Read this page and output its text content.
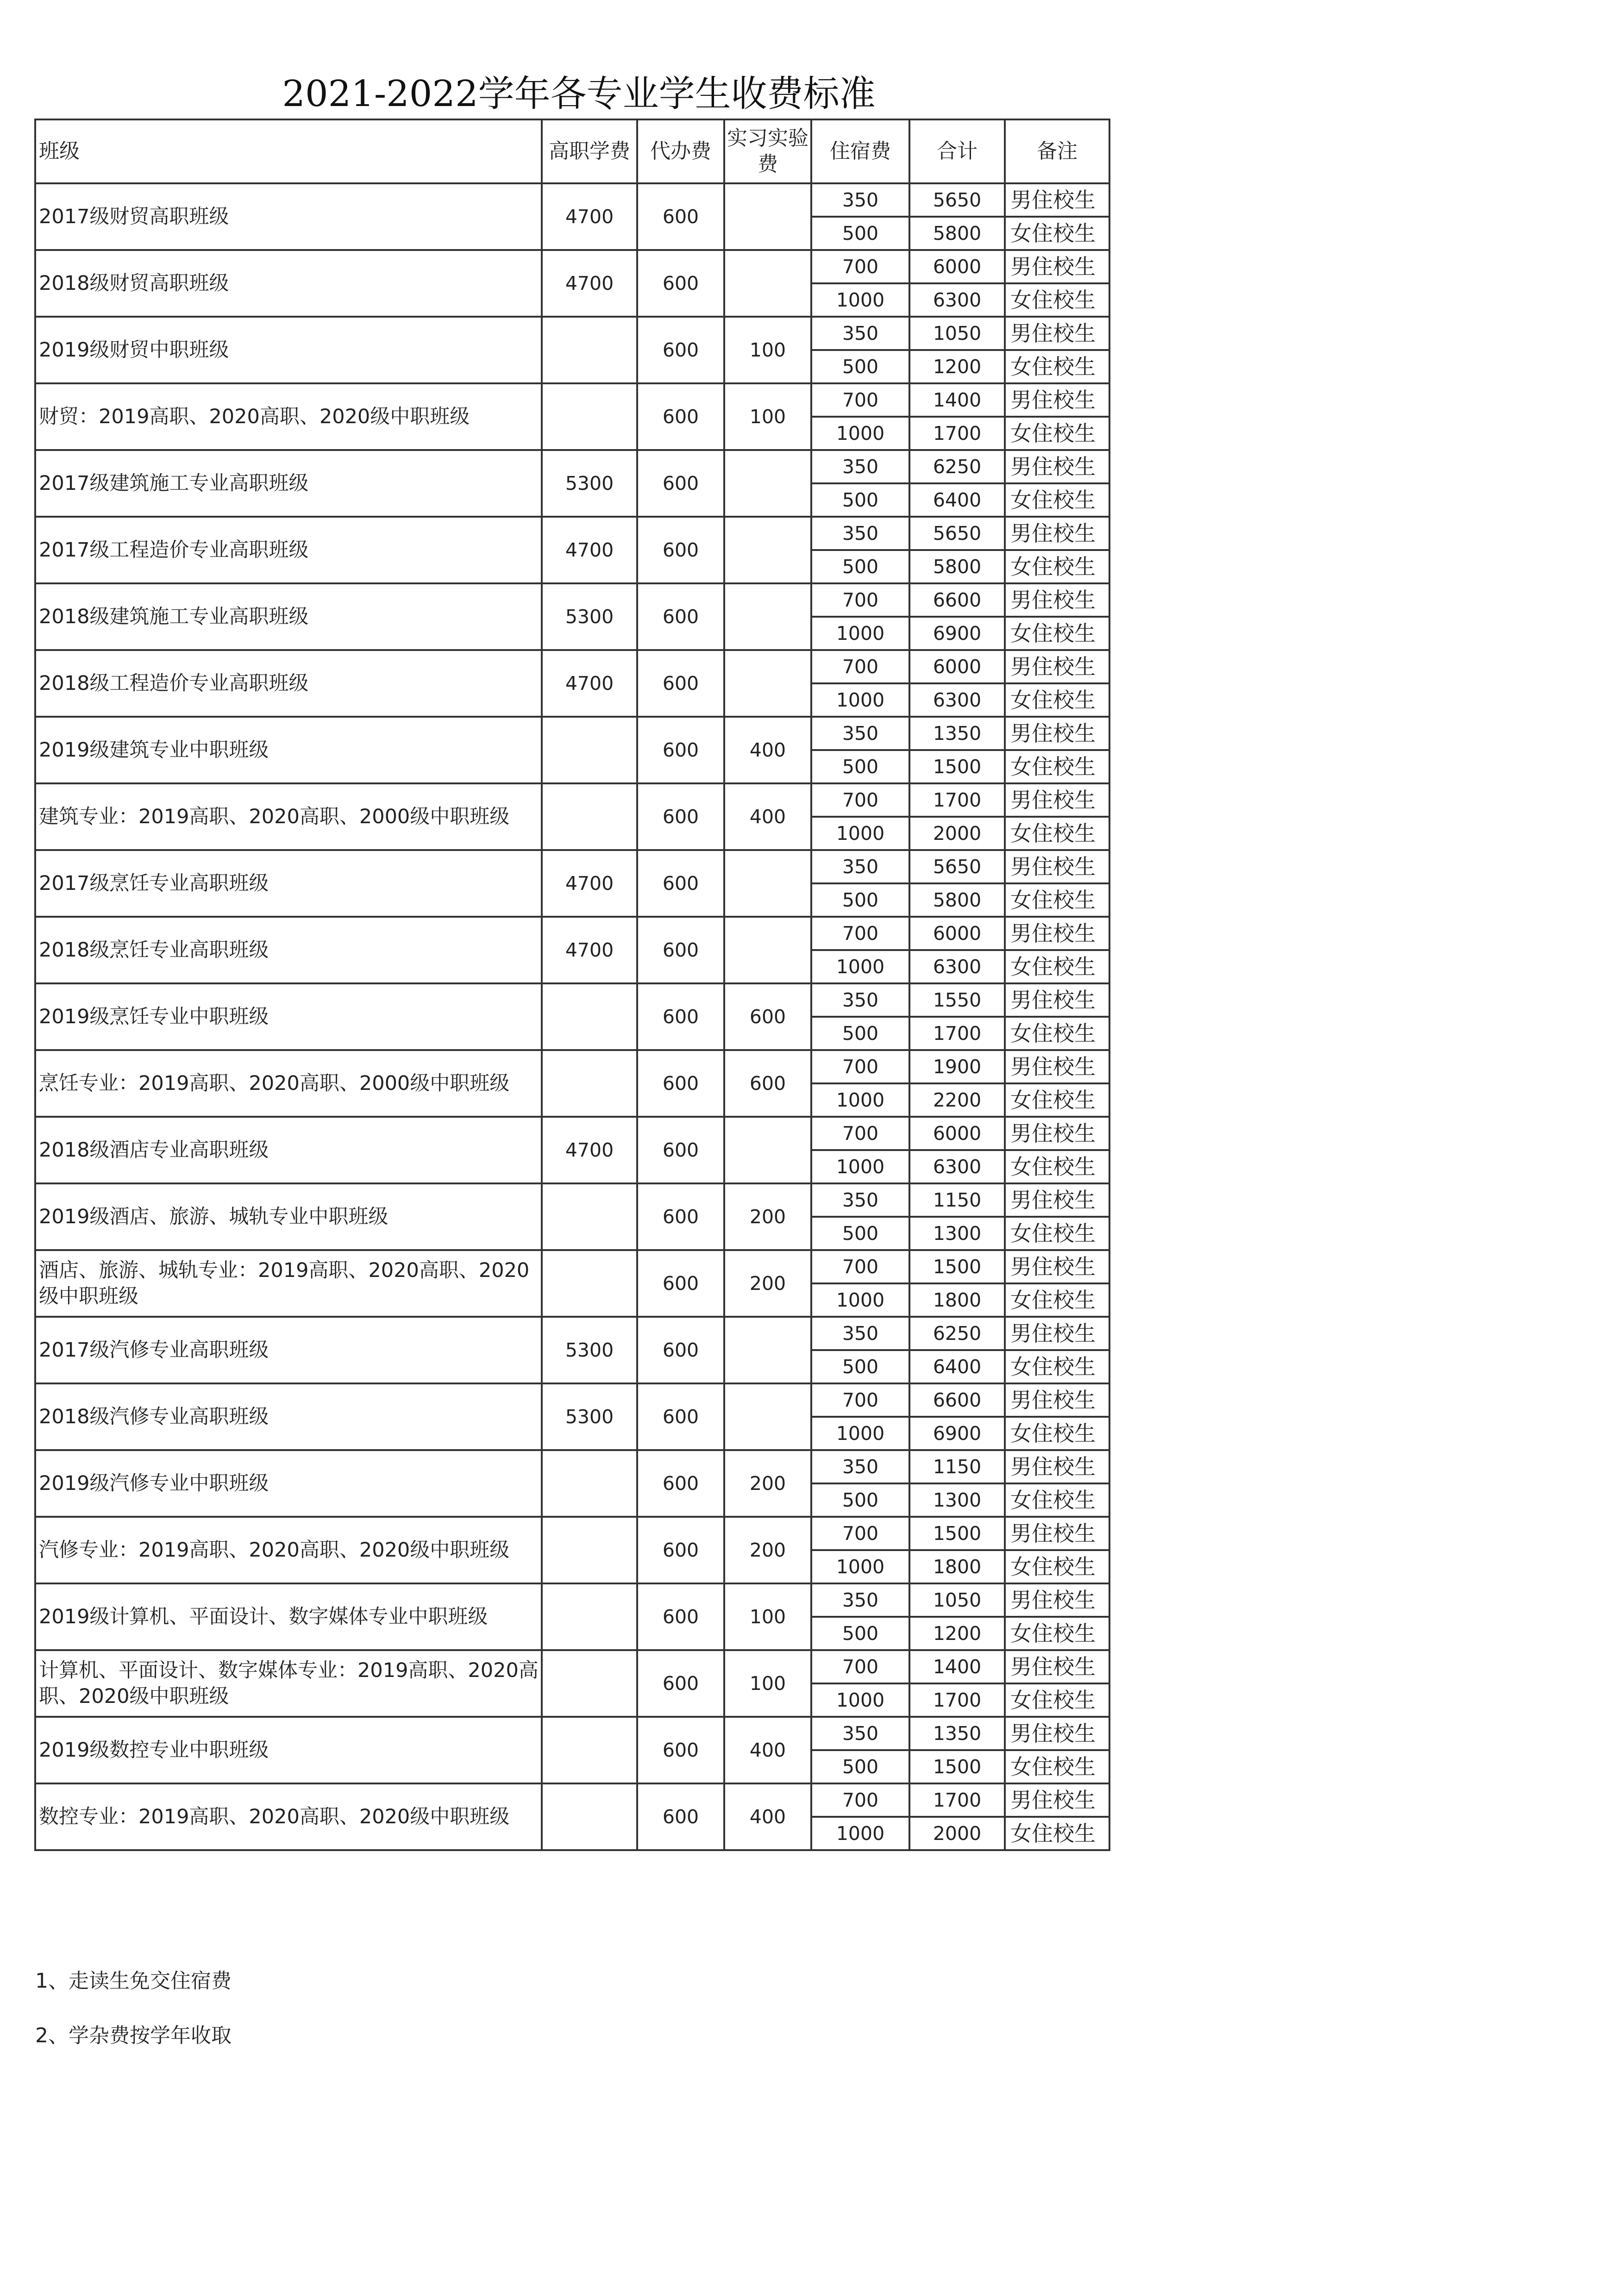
2021-2022学年各专业学生收费标准
班级	高职学费	代办费	实习实验费	住宿费	合计	备注
2017级财贸高职班级	4700	600		350	5650	男住校生
				500	5800	女住校生
2018级财贸高职班级	4700	600		700	6000	男住校生
				1000	6300	女住校生
2019级财贸中职班级		600	100	350	1050	男住校生
				500	1200	女住校生
财贸：2019高职、2020高职、2020级中职班级		600	100	700	1400	男住校生
				1000	1700	女住校生
2017级建筑施工专业高职班级	5300	600		350	6250	男住校生
				500	6400	女住校生
2017级工程造价专业高职班级	4700	600		350	5650	男住校生
				500	5800	女住校生
2018级建筑施工专业高职班级	5300	600		700	6600	男住校生
				1000	6900	女住校生
2018级工程造价专业高职班级	4700	600		700	6000	男住校生
				1000	6300	女住校生
2019级建筑专业中职班级		600	400	350	1350	男住校生
				500	1500	女住校生
建筑专业：2019高职、2020高职、2000级中职班级		600	400	700	1700	男住校生
				1000	2000	女住校生
2017级烹饪专业高职班级	4700	600		350	5650	男住校生
				500	5800	女住校生
2018级烹饪专业高职班级	4700	600		700	6000	男住校生
				1000	6300	女住校生
2019级烹饪专业中职班级		600	600	350	1550	男住校生
				500	1700	女住校生
烹饪专业：2019高职、2020高职、2000级中职班级		600	600	700	1900	男住校生
				1000	2200	女住校生
2018级酒店专业高职班级	4700	600		700	6000	男住校生
				1000	6300	女住校生
2019级酒店、旅游、城轨专业中职班级		600	200	350	1150	男住校生
				500	1300	女住校生
酒店、旅游、城轨专业：2019高职、2020高职、2020级中职班级		600	200	700	1500	男住校生
				1000	1800	女住校生
2017级汽修专业高职班级	5300	600		350	6250	男住校生
				500	6400	女住校生
2018级汽修专业高职班级	5300	600		700	6600	男住校生
				1000	6900	女住校生
2019级汽修专业中职班级		600	200	350	1150	男住校生
				500	1300	女住校生
汽修专业：2019高职、2020高职、2020级中职班级		600	200	700	1500	男住校生
				1000	1800	女住校生
2019级计算机、平面设计、数字媒体专业中职班级		600	100	350	1050	男住校生
				500	1200	女住校生
计算机、平面设计、数字媒体专业：2019高职、2020高职、2020级中职班级		600	100	700	1400	男住校生
				1000	1700	女住校生
2019级数控专业中职班级		600	400	350	1350	男住校生
				500	1500	女住校生
数控专业：2019高职、2020高职、2020级中职班级		600	400	700	1700	男住校生
				1000	2000	女住校生
1、走读生免交住宿费
2、学杂费按学年收取
